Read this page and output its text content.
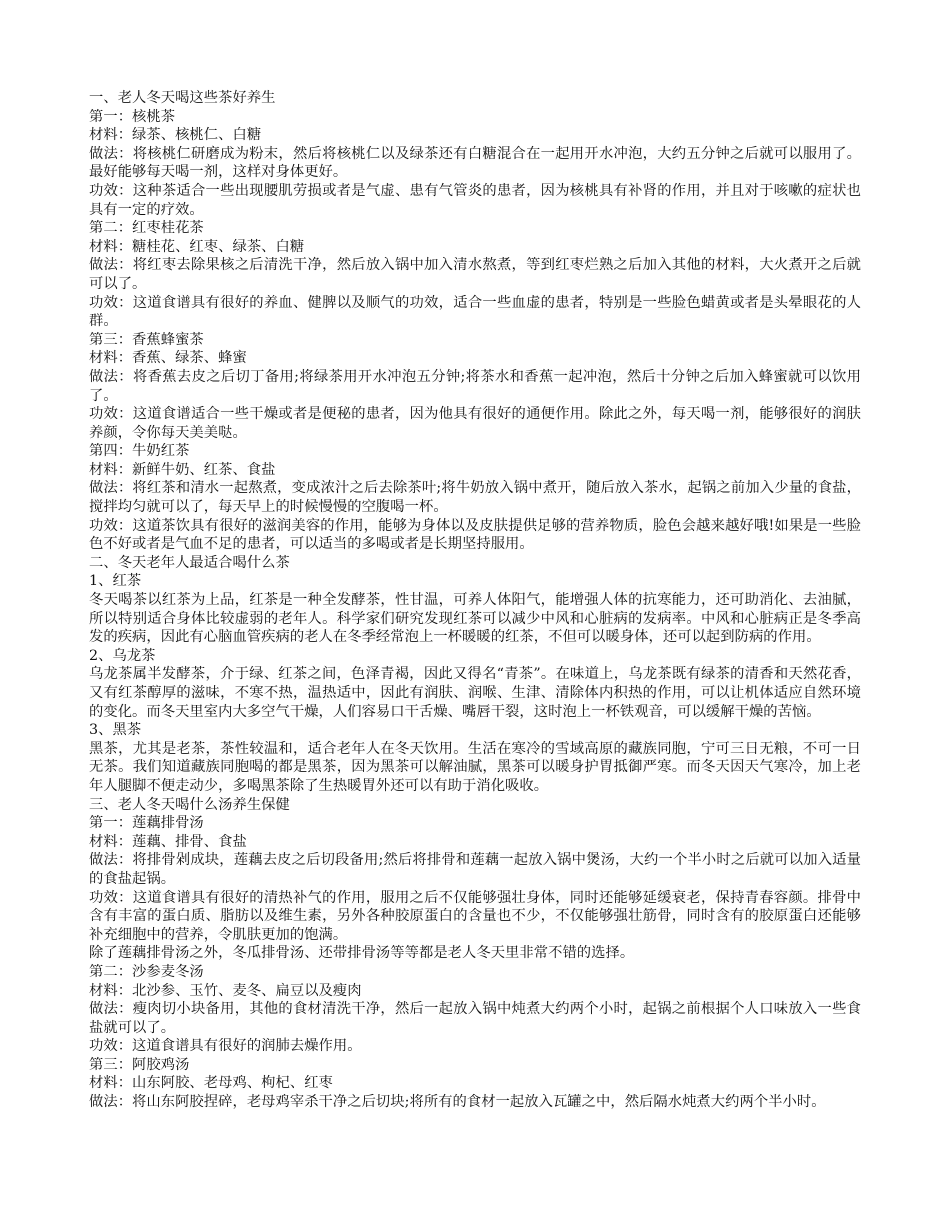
一、老人冬天喝这些茶好养生

第一：核桃茶

材料：绿茶、核桃仁、白糖

做法：将核桃仁研磨成为粉末，然后将核桃仁以及绿茶还有白糖混合在一起用开水冲泡，大约五分钟之后就可以服用了。最好能够每天喝一剂，这样对身体更好。

功效：这种茶适合一些出现腰肌劳损或者是气虚、患有气管炎的患者，因为核桃具有补肾的作用，并且对于咳嗽的症状也具有一定的疗效。

第二：红枣桂花茶

材料：糖桂花、红枣、绿茶、白糖

做法：将红枣去除果核之后清洗干净，然后放入锅中加入清水熬煮，等到红枣烂熟之后加入其他的材料，大火煮开之后就可以了。

功效：这道食谱具有很好的养血、健脾以及顺气的功效，适合一些血虚的患者，特别是一些脸色蜡黄或者是头晕眼花的人群。

第三：香蕉蜂蜜茶

材料：香蕉、绿茶、蜂蜜

做法：将香蕉去皮之后切丁备用;将绿茶用开水冲泡五分钟;将茶水和香蕉一起冲泡，然后十分钟之后加入蜂蜜就可以饮用了。

功效：这道食谱适合一些干燥或者是便秘的患者，因为他具有很好的通便作用。除此之外，每天喝一剂，能够很好的润肤养颜，令你每天美美哒。

第四：牛奶红茶

材料：新鲜牛奶、红茶、食盐

做法：将红茶和清水一起熬煮，变成浓汁之后去除茶叶;将牛奶放入锅中煮开，随后放入茶水，起锅之前加入少量的食盐，搅拌均匀就可以了，每天早上的时候慢慢的空腹喝一杯。

功效：这道茶饮具有很好的滋润美容的作用，能够为身体以及皮肤提供足够的营养物质，脸色会越来越好哦!如果是一些脸色不好或者是气血不足的患者，可以适当的多喝或者是长期坚持服用。

二、冬天老年人最适合喝什么茶

1、红茶

冬天喝茶以红茶为上品，红茶是一种全发酵茶，性甘温，可养人体阳气，能增强人体的抗寒能力，还可助消化、去油腻，所以特别适合身体比较虚弱的老年人。科学家们研究发现红茶可以减少中风和心脏病的发病率。中风和心脏病正是冬季高发的疾病，因此有心脑血管疾病的老人在冬季经常泡上一杯暖暖的红茶，不但可以暖身体，还可以起到防病的作用。

2、乌龙茶

乌龙茶属半发酵茶，介于绿、红茶之间，色泽青褐，因此又得名“青茶”。在味道上，乌龙茶既有绿茶的清香和天然花香，又有红茶醇厚的滋味，不寒不热，温热适中，因此有润肤、润喉、生津、清除体内积热的作用，可以让机体适应自然环境的变化。而冬天里室内大多空气干燥，人们容易口干舌燥、嘴唇干裂，这时泡上一杯铁观音，可以缓解干燥的苦恼。

3、黑茶

黑茶，尤其是老茶，茶性较温和，适合老年人在冬天饮用。生活在寒冷的雪域高原的藏族同胞，宁可三日无粮，不可一日无茶。我们知道藏族同胞喝的都是黑茶，因为黑茶可以解油腻，黑茶可以暖身护胃抵御严寒。而冬天因天气寒冷，加上老年人腿脚不便走动少，多喝黑茶除了生热暖胃外还可以有助于消化吸收。

三、老人冬天喝什么汤养生保健

第一：莲藕排骨汤

材料：莲藕、排骨、食盐

做法：将排骨剁成块，莲藕去皮之后切段备用;然后将排骨和莲藕一起放入锅中煲汤，大约一个半小时之后就可以加入适量的食盐起锅。

功效：这道食谱具有很好的清热补气的作用，服用之后不仅能够强壮身体，同时还能够延缓衰老，保持青春容颜。排骨中含有丰富的蛋白质、脂肪以及维生素，另外各种胶原蛋白的含量也不少，不仅能够强壮筋骨，同时含有的胶原蛋白还能够补充细胞中的营养，令肌肤更加的饱满。

除了莲藕排骨汤之外，冬瓜排骨汤、还带排骨汤等等都是老人冬天里非常不错的选择。

第二：沙参麦冬汤

材料：北沙参、玉竹、麦冬、扁豆以及瘦肉

做法：瘦肉切小块备用，其他的食材清洗干净，然后一起放入锅中炖煮大约两个小时，起锅之前根据个人口味放入一些食盐就可以了。

功效：这道食谱具有很好的润肺去燥作用。

第三：阿胶鸡汤

材料：山东阿胶、老母鸡、枸杞、红枣

做法：将山东阿胶捏碎，老母鸡宰杀干净之后切块;将所有的食材一起放入瓦罐之中，然后隔水炖煮大约两个半小时。
